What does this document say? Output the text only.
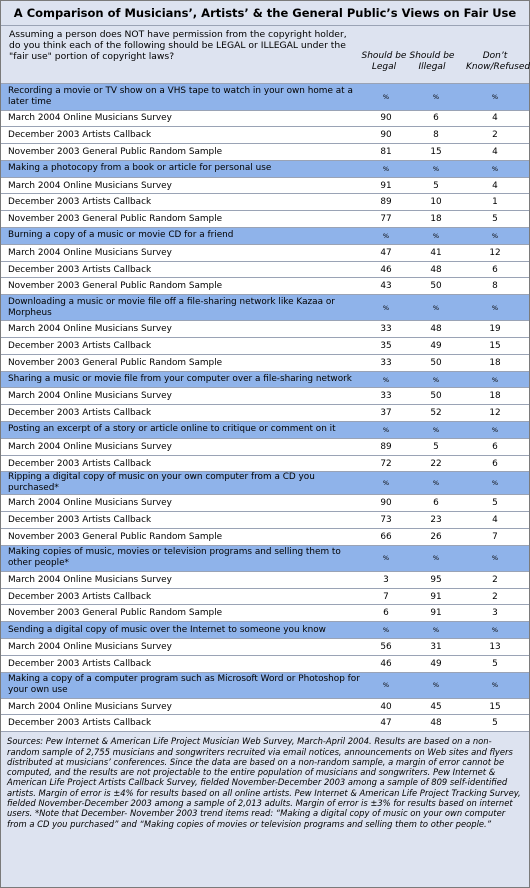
A Comparison of Musicians’, Artists’ & the General Public’s Views on Fair Use
Assuming a person does NOT have permission from the copyright holder, do you think each of the following should be LEGAL or ILLEGAL under the "fair use" portion of copyright laws?	Should be Legal
Should be Illegal
Don’t Know/Refused
Recording a movie or TV show on a VHS tape to watch in your own home at a later time	%	%	%
March 2004 Online Musicians Survey	90	6	4
December 2003 Artists Callback	90	8	2
November 2003 General Public Random Sample	81	15	4
Making a photocopy from a book or article for personal use	%	%	%
March 2004 Online Musicians Survey	91	5	4
December 2003 Artists Callback	89	10	1
November 2003 General Public Random Sample	77	18	5
Burning a copy of a music or movie CD for a friend	%	%	%
March 2004 Online Musicians Survey	47	41	12
December 2003 Artists Callback	46	48	6
November 2003 General Public Random Sample	43	50	8
Downloading a music or movie file off a file-sharing network like Kazaa or Morpheus	%	%	%
March 2004 Online Musicians Survey	33	48	19
December 2003 Artists Callback	35	49	15
November 2003 General Public Random Sample	33	50	18
Sharing a music or movie file from your computer over a file-sharing network	%	%	%
March 2004 Online Musicians Survey	33	50	18
December 2003 Artists Callback	37	52	12
Posting an excerpt of a story or article online to critique or comment on it	%	%	%
March 2004 Online Musicians Survey	89	5	6
December 2003 Artists Callback	72	22	6
Ripping a digital copy of music on your own computer from a CD you purchased*	%	%	%
March 2004 Online Musicians Survey	90	6	5
December 2003 Artists Callback	73	23	4
November 2003 General Public Random Sample	66	26	7
Making copies of music, movies or television programs and selling them to other people*	%	%	%
March 2004 Online Musicians Survey	3	95	2
December 2003 Artists Callback	7	91	2
November 2003 General Public Random Sample	6	91	3
Sending a digital copy of music over the Internet to someone you know	%	%	%
March 2004 Online Musicians Survey	56	31	13
December 2003 Artists Callback	46	49	5
Making a copy of a computer program such as Microsoft Word or Photoshop for your own use	%	%	%
March 2004 Online Musicians Survey	40	45	15
December 2003 Artists Callback	47	48	5
Sources: Pew Internet & American Life Project Musician Web Survey, March-April 2004. Results are based on a non-random sample of 2,755 musicians and songwriters recruited via email notices, announcements on Web sites and flyers distributed at musicians’ conferences. Since the data are based on a non-random sample, a margin of error cannot be computed, and the results are not projectable to the entire population of musicians and songwriters. Pew Internet & American Life Project Artists Callback Survey, fielded November-December 2003 among a sample of 809 self-identified artists. Margin of error is ±4% for results based on all online artists. Pew Internet & American Life Project Tracking Survey, fielded November-December 2003 among a sample of 2,013 adults. Margin of error is ±3% for results based on internet users. *Note that December- November 2003 trend items read: “Making a digital copy of music on your own computer from a CD you purchased” and “Making copies of movies or television programs and selling them to other people.”
